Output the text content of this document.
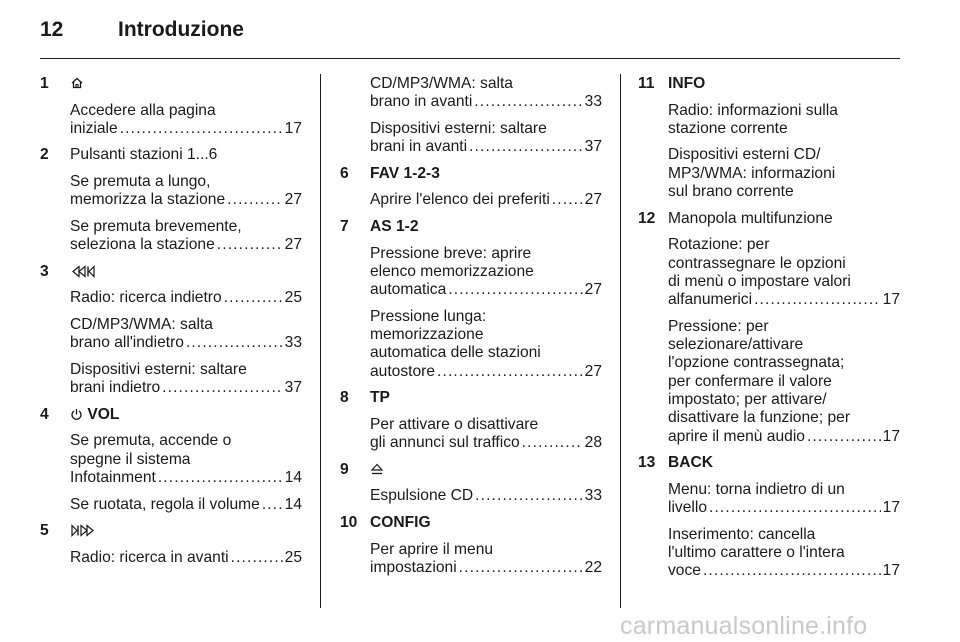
12	Introduzione
1
Accedere alla pagina
iniziale . . .	17
2	Pulsanti stazioni 1...6
Se premuta a lungo,
memorizza la stazione . . .	27
Se premuta brevemente,
seleziona la stazione . . .	27
3
Radio: ricerca indietro . . .	25
CD/MP3/WMA: salta
brano all'indietro . . .	33
Dispositivi esterni: saltare
brani indietro . . .	37
4	VOL
Se premuta, accende o
spegne il sistema
Infotainment . . .	14
Se ruotata, regola il volume . . . 14
5
Radio: ricerca in avanti . . .	25
CD/MP3/WMA: salta
brano in avanti . . .	33
Dispositivi esterni: saltare
brani in avanti . . .	37
6	FAV 1-2-3
Aprire l'elenco dei preferiti . . . 27
7	AS 1-2
Pressione breve: aprire
elenco memorizzazione
automatica . . .	27
Pressione lunga:
memorizzazione
automatica delle stazioni
autostore . . .	27
8	TP
Per attivare o disattivare
gli annunci sul traffico . . .	28
9
Espulsione CD . . .	33
10 CONFIG
Per aprire il menu
impostazioni . . .	22
11 INFO
Radio: informazioni sulla
stazione corrente
Dispositivi esterni CD/
MP3/WMA: informazioni
sul brano corrente
12 Manopola multifunzione
Rotazione: per
contrassegnare le opzioni
di menù o impostare valori
alfanumerici . . .	17
Pressione: per
selezionare/attivare
l'opzione contrassegnata;
per confermare il valore
impostato; per attivare/
disattivare la funzione; per
aprire il menù audio . . .	17
13 BACK
Menu: torna indietro di un
livello . . .	17
Inserimento: cancella
l'ultimo carattere o l'intera
voce . . .	17
carmanualsonline.info
